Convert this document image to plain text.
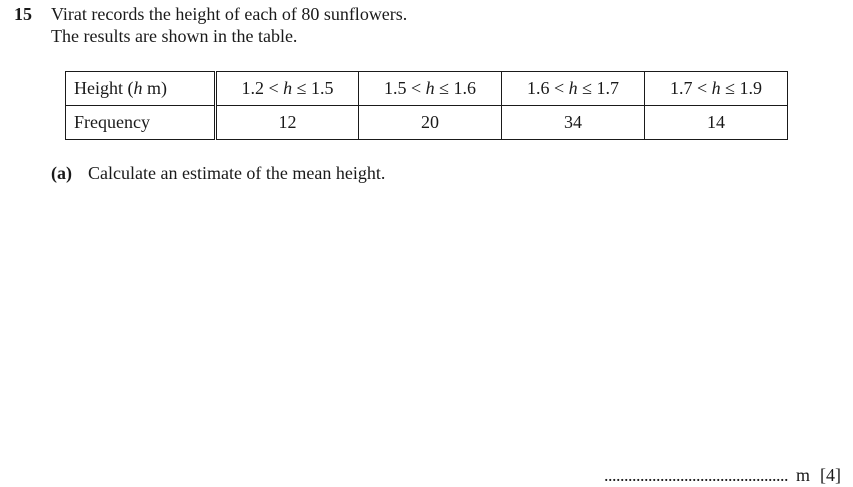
15 Virat records the height of each of 80 sunflowers.
The results are shown in the table.
Height (h m)	1.2 < h ≤ 1.5	1.5 < h ≤ 1.6	1.6 < h ≤ 1.7	1.7 < h ≤ 1.9
Frequency	12	20	34	14
(a) Calculate an estimate of the mean height.
.............................................. m [4]
